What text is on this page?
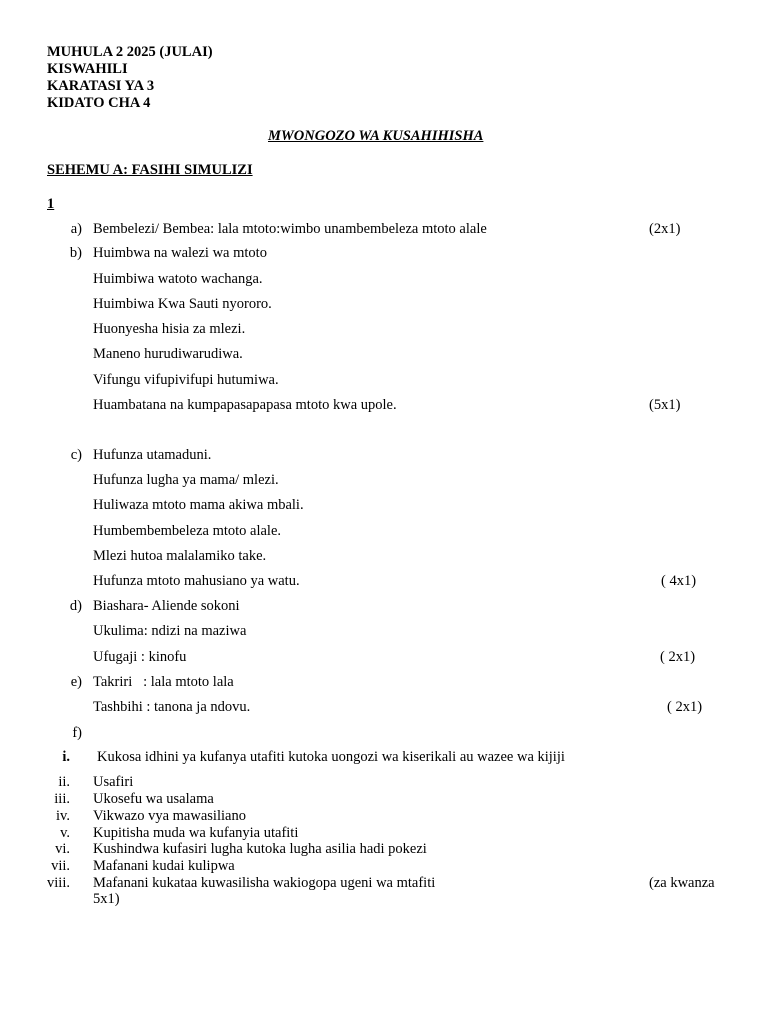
MUHULA 2 2025 (JULAI)
KISWAHILI
KARATASI YA 3
KIDATO CHA 4
MWONGOZO WA KUSAHIHISHA
SEHEMU A: FASIHI SIMULIZI
1
a) Bembelezi/ Bembea: lala mtoto:wimbo unambembeleza mtoto alale	(2x1)
b) Huimbwa na walezi wa mtoto
Huimbiwa watoto wachanga.
Huimbiwa Kwa Sauti nyororo.
Huonyesha hisia za mlezi.
Maneno hurudiwarudiwa.
Vifungu vifupivifupi hutumiwa.
Huambatana na kumpapasapapasa mtoto kwa upole.	(5x1)
c) Hufunza utamaduni.
Hufunza lugha ya mama/ mlezi.
Huliwaza mtoto mama akiwa mbali.
Humbembembeleza mtoto alale.
Mlezi hutoa malalamiko take.
Hufunza mtoto mahusiano ya watu.	( 4x1)
d) Biashara- Aliende sokoni
Ukulima: ndizi na maziwa
Ufugaji : kinofu	( 2x1)
e) Takriri   : lala mtoto lala
Tashbihi : tanona ja ndovu.	( 2x1)
f)
i. Kukosa idhini ya kufanya utafiti kutoka uongozi wa kiserikali au wazee wa kijiji
ii. Usafiri
iii. Ukosefu wa usalama
iv. Vikwazo vya mawasiliano
v. Kupitisha muda wa kufanyia utafiti
vi. Kushindwa kufasiri lugha kutoka lugha asilia hadi pokezi
vii. Mafanani kudai kulipwa
viii. Mafanani kukataa kuwasilisha wakiogopa ugeni wa mtafiti	(za kwanza
5x1)
